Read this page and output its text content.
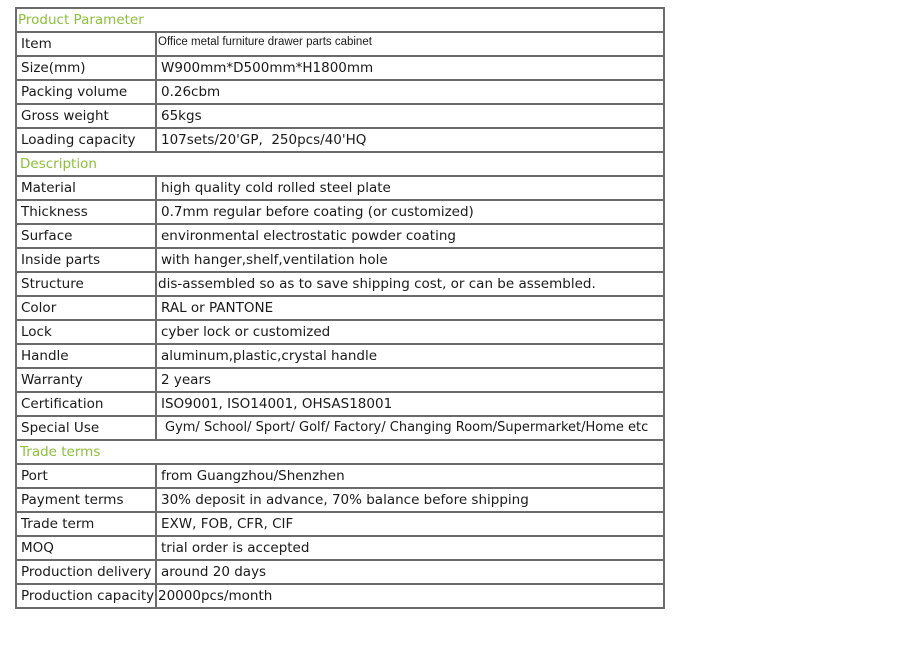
Product Parameter	
Item	Office metal furniture drawer parts cabinet
Size(mm)	W900mm*D500mm*H1800mm
Packing volume	0.26cbm
Gross weight	65kgs
Loading capacity	107sets/20'GP,  250pcs/40'HQ
Description	
Material	high quality cold rolled steel plate
Thickness	0.7mm regular before coating (or customized)
Surface	environmental electrostatic powder coating
Inside parts	with hanger,shelf,ventilation hole
Structure	dis-assembled so as to save shipping cost, or can be assembled.
Color	RAL or PANTONE
Lock	cyber lock or customized
Handle	aluminum,plastic,crystal handle
Warranty	2 years
Certification	ISO9001, ISO14001, OHSAS18001
Special Use	Gym/ School/ Sport/ Golf/ Factory/ Changing Room/Supermarket/Home etc
Trade terms	
Port	from Guangzhou/Shenzhen
Payment terms	30% deposit in advance, 70% balance before shipping
Trade term	EXW, FOB, CFR, CIF
MOQ	trial order is accepted
Production delivery	around 20 days
Production capacity	20000pcs/month
